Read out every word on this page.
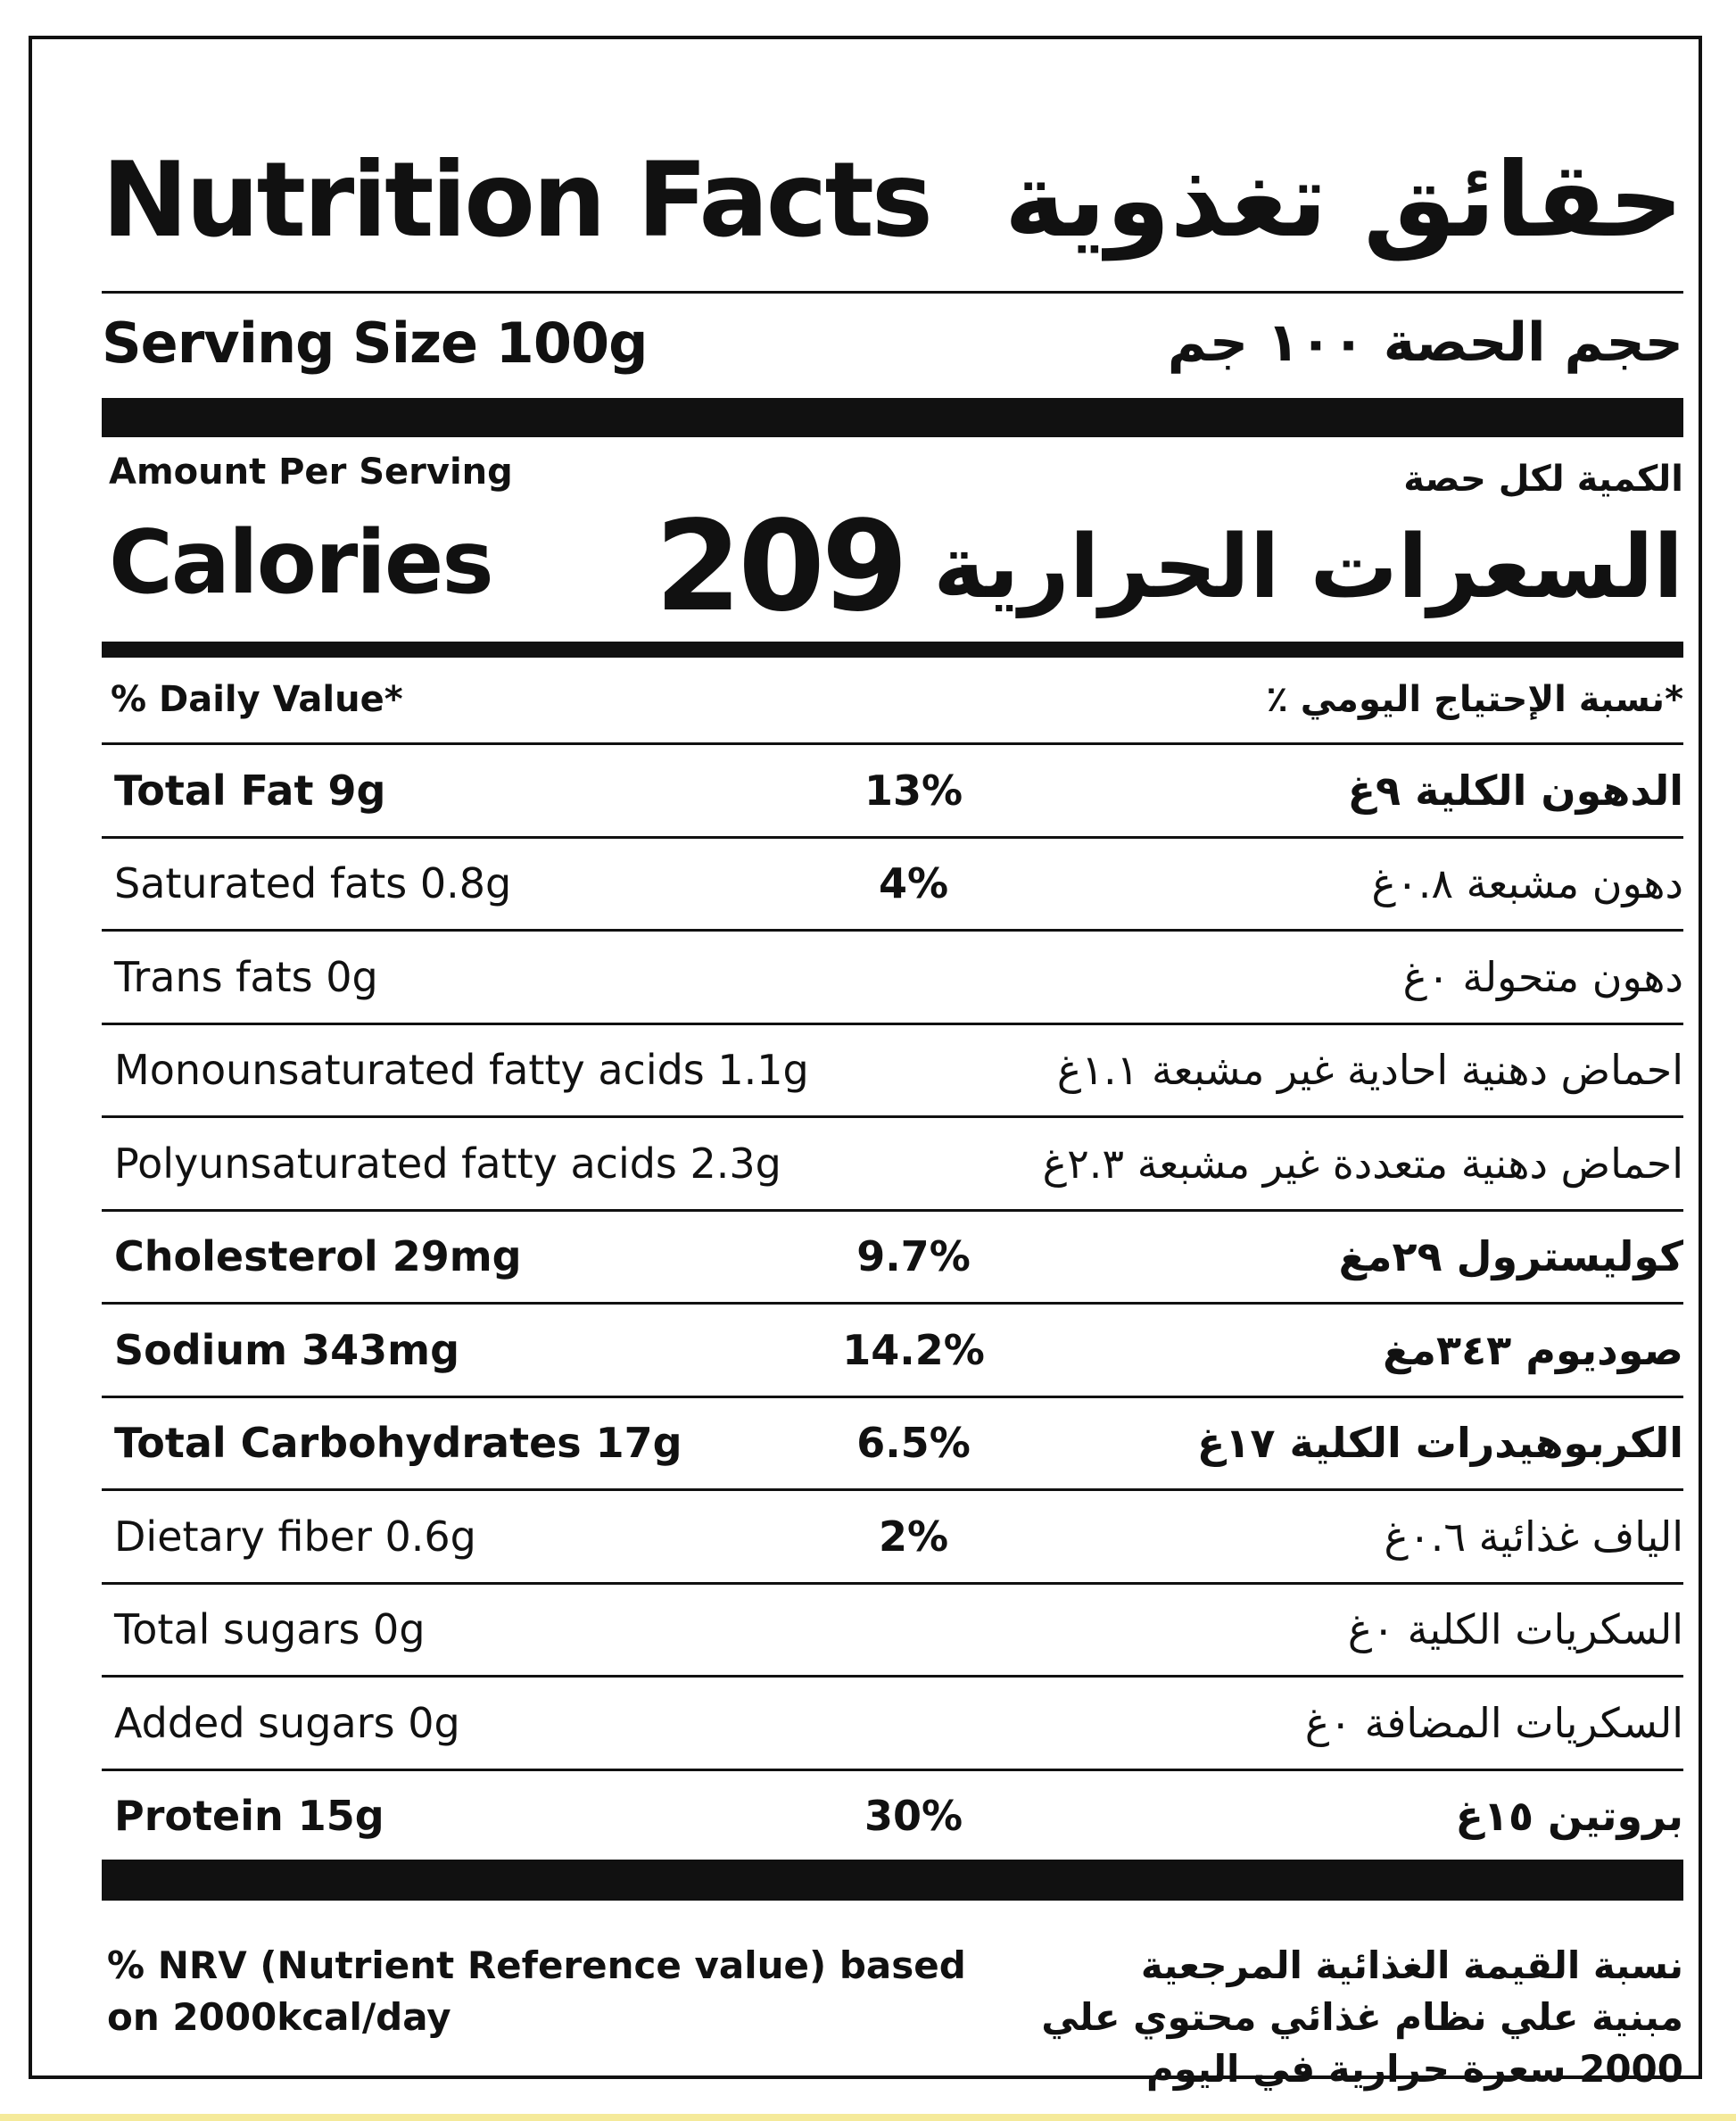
Nutrition Facts حقائق تغذوية
Serving Size 100g	حجم الحصة ١٠٠ جم
Amount Per Serving	الكمية لكل حصة
Calories 209 السعرات الحرارية
% Daily Value*	*نسبة الإحتياج اليومي ٪
Total Fat 9g	13%	الدهون الكلية ٩غ
Saturated fats 0.8g	4%	دهون مشبعة ٠.٨غ
Trans fats 0g	دهون متحولة ٠غ
Monounsaturated fatty acids 1.1g	احماض دهنية احادية غير مشبعة ١.١غ
Polyunsaturated fatty acids 2.3g	احماض دهنية متعددة غير مشبعة ٢.٣غ
Cholesterol 29mg	9.7%	كوليسترول ٢٩مغ
Sodium 343mg	14.2%	صوديوم ٣٤٣مغ
Total Carbohydrates 17g	6.5%	الكربوهيدرات الكلية ١٧غ
Dietary fiber 0.6g	2%	الياف غذائية ٠.٦غ
Total sugars 0g	السكريات الكلية ٠غ
Added sugars 0g	السكريات المضافة ٠غ
Protein 15g	30%	بروتين ١٥غ
% NRV (Nutrient Reference value) based on 2000kcal/day
نسبة القيمة الغذائية المرجعية مبنية علي نظام غذائي محتوي علي 2000 سعرة حرارية في اليوم
